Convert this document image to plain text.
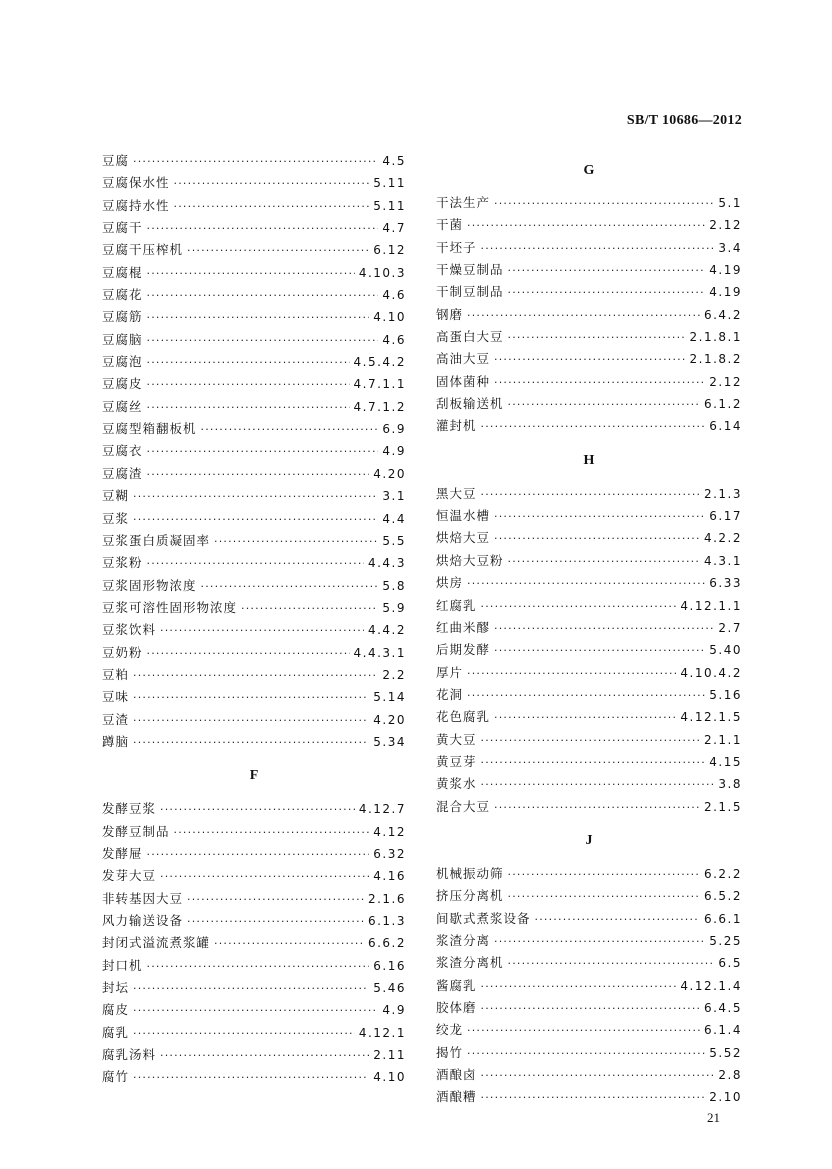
SB/T 10686—2012
豆腐 ·····	4.5
豆腐保水性 ·····	5.11
豆腐持水性 ·····	5.11
豆腐干 ·····	4.7
豆腐干压榨机 ·····	6.12
豆腐棍 ·····	4.10.3
豆腐花 ·····	4.6
豆腐筋 ·····	4.10
豆腐脑 ·····	4.6
豆腐泡 ·····	4.5.4.2
豆腐皮 ·····	4.7.1.1
豆腐丝 ·····	4.7.1.2
豆腐型箱翻板机 ·····	6.9
豆腐衣 ·····	4.9
豆腐渣 ·····	4.20
豆糊 ·····	3.1
豆浆 ·····	4.4
豆浆蛋白质凝固率 ·····	5.5
豆浆粉 ·····	4.4.3
豆浆固形物浓度 ·····	5.8
豆浆可溶性固形物浓度 ·····	5.9
豆浆饮料 ·····	4.4.2
豆奶粉 ·····	4.4.3.1
豆粕 ·····	2.2
豆味 ·····	5.14
豆渣 ·····	4.20
蹲脑 ·····	5.34
F
发酵豆浆 ·····	4.12.7
发酵豆制品 ·····	4.12
发酵屉 ·····	6.32
发芽大豆 ·····	4.16
非转基因大豆 ·····	2.1.6
风力输送设备 ·····	6.1.3
封闭式溢流煮浆罐 ·····	6.6.2
封口机 ·····	6.16
封坛 ·····	5.46
腐皮 ·····	4.9
腐乳 ·····	4.12.1
腐乳汤料 ·····	2.11
腐竹 ·····	4.10
G
干法生产 ·····	5.1
干菌 ·····	2.12
干坯子 ·····	3.4
干燥豆制品 ·····	4.19
干制豆制品 ·····	4.19
钢磨 ·····	6.4.2
高蛋白大豆 ·····	2.1.8.1
高油大豆 ·····	2.1.8.2
固体菌种 ·····	2.12
刮板输送机 ·····	6.1.2
灌封机 ·····	6.14
H
黑大豆 ·····	2.1.3
恒温水槽 ·····	6.17
烘焙大豆 ·····	4.2.2
烘焙大豆粉 ·····	4.3.1
烘房 ·····	6.33
红腐乳 ·····	4.12.1.1
红曲米醪 ·····	2.7
后期发酵 ·····	5.40
厚片 ·····	4.10.4.2
花洞 ·····	5.16
花色腐乳 ·····	4.12.1.5
黄大豆 ·····	2.1.1
黄豆芽 ·····	4.15
黄浆水 ·····	3.8
混合大豆 ·····	2.1.5
J
机械振动筛 ·····	6.2.2
挤压分离机 ·····	6.5.2
间歇式煮浆设备 ·····	6.6.1
浆渣分离 ·····	5.25
浆渣分离机 ·····	6.5
酱腐乳 ·····	4.12.1.4
胶体磨 ·····	6.4.5
绞龙 ·····	6.1.4
揭竹 ·····	5.52
酒酿卤 ·····	2.8
酒酿糟 ·····	2.10
21
